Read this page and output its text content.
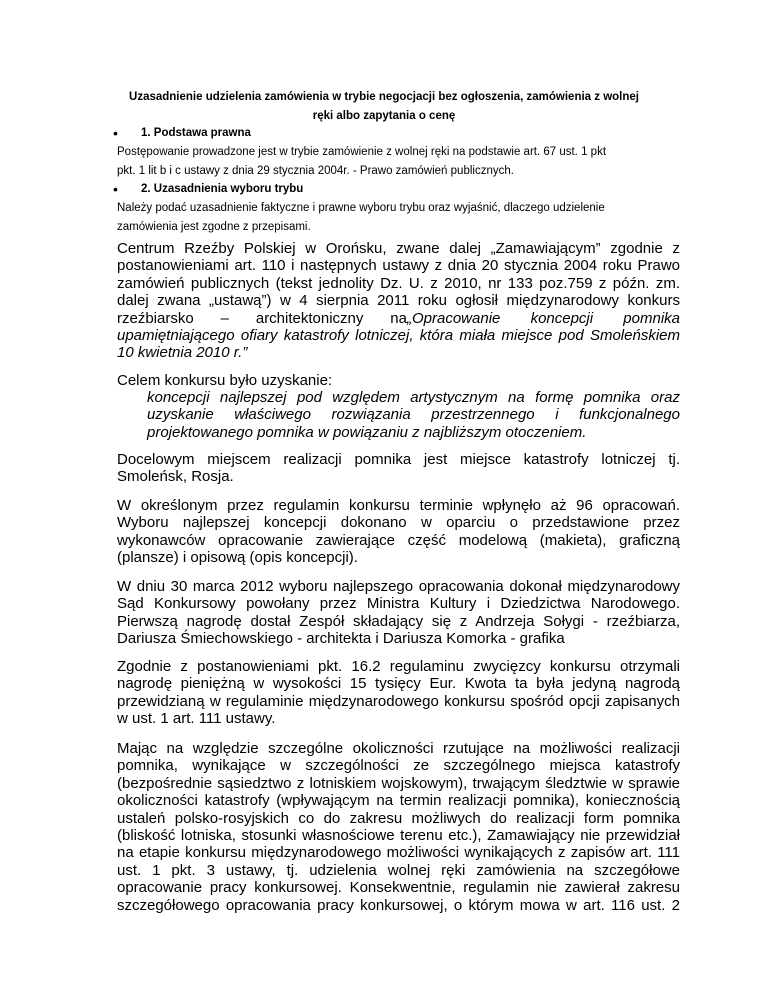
Uzasadnienie udzielenia zamówienia w trybie negocjacji bez ogłoszenia, zamówienia z wolnej
ręki albo zapytania o cenę
• 1. Podstawa prawna
Postępowanie prowadzone jest w trybie zamówienie z wolnej ręki na podstawie art. 67 ust. 1 pkt
pkt. 1 lit b i c ustawy z dnia 29 stycznia 2004r. - Prawo zamówień publicznych.
• 2. Uzasadnienia wyboru trybu
Należy podać uzasadnienie faktyczne i prawne wyboru trybu oraz wyjaśnić, dlaczego udzielenie
zamówienia jest zgodne z przepisami.
Centrum Rzeźby Polskiej w Orońsku, zwane dalej „Zamawiającym” zgodnie z
postanowieniami art. 110 i następnych ustawy z dnia 20 stycznia 2004 roku Prawo
zamówień publicznych (tekst jednolity Dz. U. z 2010, nr 133 poz.759 z późn. zm.
dalej zwana „ustawą”) w 4 sierpnia 2011 roku ogłosił międzynarodowy konkurs
rzeźbiarsko – architektoniczny na„Opracowanie koncepcji pomnika
upamiętniającego ofiary katastrofy lotniczej, która miała miejsce pod Smoleńskiem
10 kwietnia 2010 r.”
Celem konkursu było uzyskanie:
koncepcji najlepszej pod względem artystycznym na formę pomnika oraz
uzyskanie właściwego rozwiązania przestrzennego i funkcjonalnego
projektowanego pomnika w powiązaniu z najbliższym otoczeniem.
Docelowym miejscem realizacji pomnika jest miejsce katastrofy lotniczej tj.
Smoleńsk, Rosja.
W określonym przez regulamin konkursu terminie wpłynęło aż 96 opracowań.
Wyboru najlepszej koncepcji dokonano w oparciu o przedstawione przez
wykonawców opracowanie zawierające część modelową (makieta), graficzną
(plansze) i opisową (opis koncepcji).
W dniu 30 marca 2012 wyboru najlepszego opracowania dokonał międzynarodowy
Sąd Konkursowy powołany przez Ministra Kultury i Dziedzictwa Narodowego.
Pierwszą nagrodę dostał Zespół składający się z Andrzeja Sołygi - rzeźbiarza,
Dariusza Śmiechowskiego - architekta i Dariusza Komorka - grafika
Zgodnie z postanowieniami pkt. 16.2 regulaminu zwycięzcy konkursu otrzymali
nagrodę pieniężną w wysokości 15 tysięcy Eur. Kwota ta była jedyną nagrodą
przewidzianą w regulaminie międzynarodowego konkursu spośród opcji zapisanych
w ust. 1 art. 111 ustawy.
Mając na względzie szczególne okoliczności rzutujące na możliwości realizacji
pomnika, wynikające w szczególności ze szczególnego miejsca katastrofy
(bezpośrednie sąsiedztwo z lotniskiem wojskowym), trwającym śledztwie w sprawie
okoliczności katastrofy (wpływającym na termin realizacji pomnika), koniecznością
ustaleń polsko-rosyjskich co do zakresu możliwych do realizacji form pomnika
(bliskość lotniska, stosunki własnościowe terenu etc.), Zamawiający nie przewidział
na etapie konkursu międzynarodowego możliwości wynikających z zapisów art. 111
ust. 1 pkt. 3 ustawy, tj. udzielenia wolnej ręki zamówienia na szczegółowe
opracowanie pracy konkursowej. Konsekwentnie, regulamin nie zawierał zakresu
szczegółowego opracowania pracy konkursowej, o którym mowa w art. 116 ust. 2
